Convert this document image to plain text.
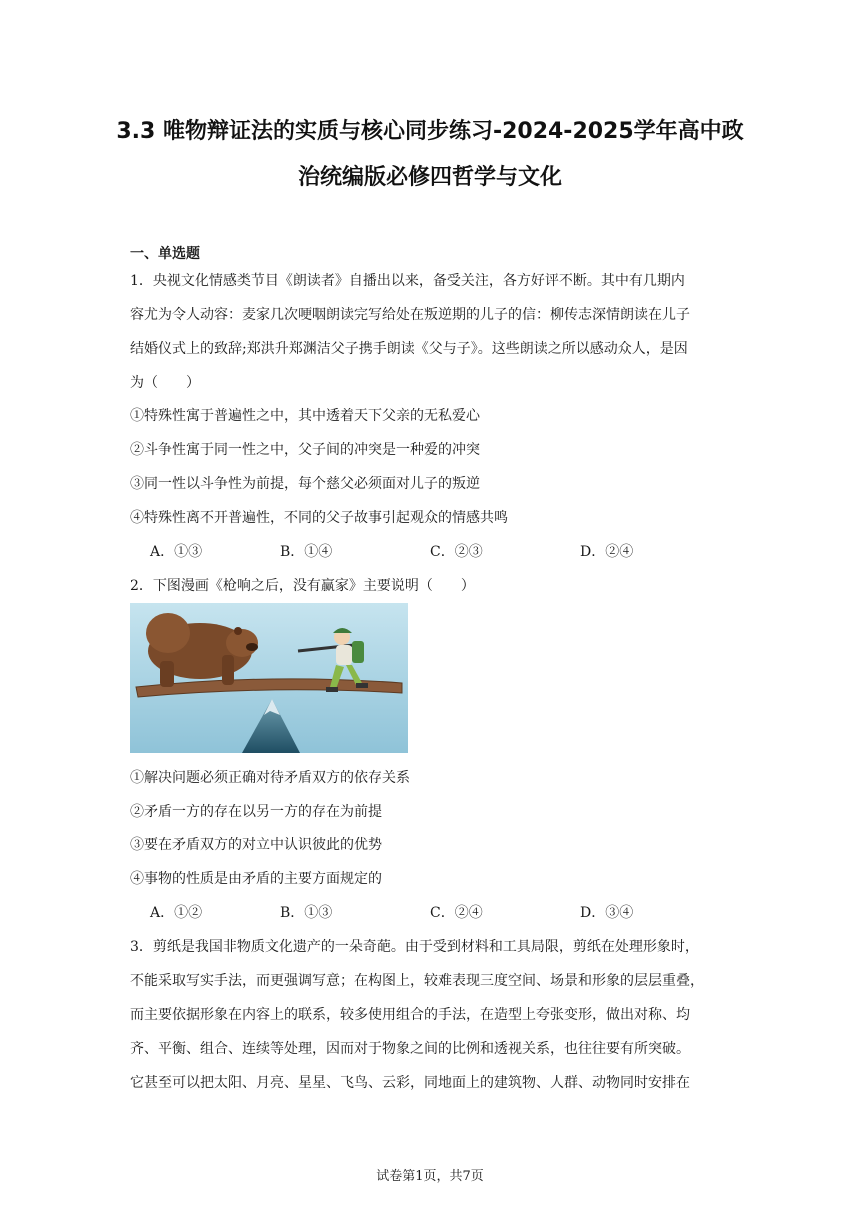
3.3 唯物辩证法的实质与核心同步练习-2024-2025学年高中政
治统编版必修四哲学与文化
一、单选题
1．央视文化情感类节目《朗读者》自播出以来，备受关注，各方好评不断。其中有几期内
容尤为令人动容：麦家几次哽咽朗读完写给处在叛逆期的儿子的信：柳传志深情朗读在儿子
结婚仪式上的致辞;郑洪升郑渊洁父子携手朗读《父与子》。这些朗读之所以感动众人，是因
为（　　）
①特殊性寓于普遍性之中，其中透着天下父亲的无私爱心
②斗争性寓于同一性之中，父子间的冲突是一种爱的冲突
③同一性以斗争性为前提，每个慈父必须面对儿子的叛逆
④特殊性离不开普遍性，不同的父子故事引起观众的情感共鸣
A．①③	B．①④	C．②③	D．②④
2．下图漫画《枪响之后，没有赢家》主要说明（　　）
①解决问题必须正确对待矛盾双方的依存关系
②矛盾一方的存在以另一方的存在为前提
③要在矛盾双方的对立中认识彼此的优势
④事物的性质是由矛盾的主要方面规定的
A．①②	B．①③	C．②④	D．③④
3．剪纸是我国非物质文化遗产的一朵奇葩。由于受到材料和工具局限，剪纸在处理形象时，
不能采取写实手法，而更强调写意；在构图上，较难表现三度空间、场景和形象的层层重叠，
而主要依据形象在内容上的联系，较多使用组合的手法，在造型上夸张变形，做出对称、均
齐、平衡、组合、连续等处理，因而对于物象之间的比例和透视关系，也往往要有所突破。
它甚至可以把太阳、月亮、星星、飞鸟、云彩，同地面上的建筑物、人群、动物同时安排在
试卷第1页，共7页
